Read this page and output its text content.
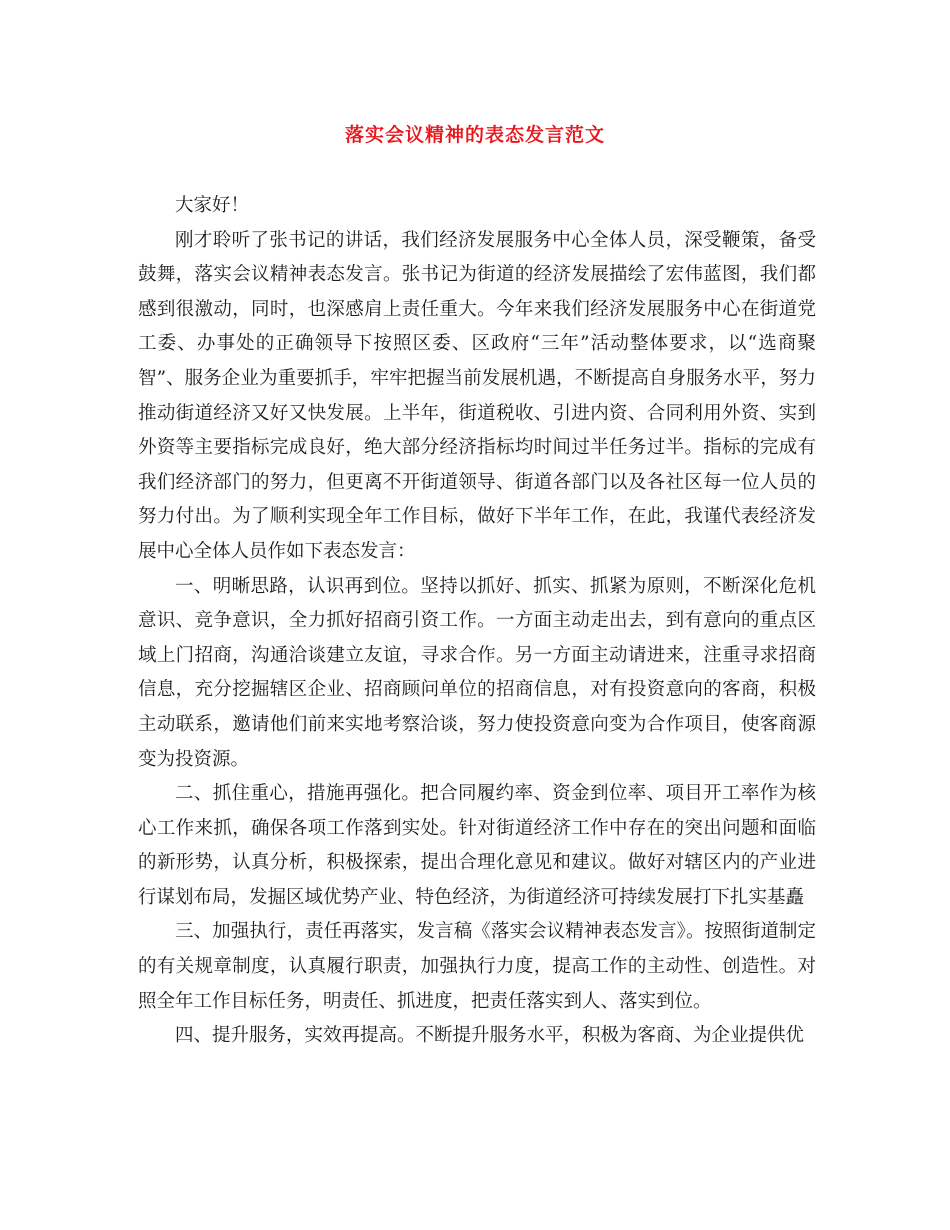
落实会议精神的表态发言范文

大家好！

刚才聆听了张书记的讲话，我们经济发展服务中心全体人员，深受鞭策，备受鼓舞，落实会议精神表态发言。张书记为街道的经济发展描绘了宏伟蓝图，我们都感到很激动，同时，也深感肩上责任重大。今年来我们经济发展服务中心在街道党工委、办事处的正确领导下按照区委、区政府“三年”活动整体要求，以“选商聚智”、服务企业为重要抓手，牢牢把握当前发展机遇，不断提高自身服务水平，努力推动街道经济又好又快发展。上半年，街道税收、引进内资、合同利用外资、实到外资等主要指标完成良好，绝大部分经济指标均时间过半任务过半。指标的完成有我们经济部门的努力，但更离不开街道领导、街道各部门以及各社区每一位人员的努力付出。为了顺利实现全年工作目标，做好下半年工作，在此，我谨代表经济发展中心全体人员作如下表态发言：

一、明晰思路，认识再到位。坚持以抓好、抓实、抓紧为原则，不断深化危机意识、竞争意识，全力抓好招商引资工作。一方面主动走出去，到有意向的重点区域上门招商，沟通洽谈建立友谊，寻求合作。另一方面主动请进来，注重寻求招商信息，充分挖掘辖区企业、招商顾问单位的招商信息，对有投资意向的客商，积极主动联系，邀请他们前来实地考察洽谈，努力使投资意向变为合作项目，使客商源变为投资源。

二、抓住重心，措施再强化。把合同履约率、资金到位率、项目开工率作为核心工作来抓，确保各项工作落到实处。针对街道经济工作中存在的突出问题和面临的新形势，认真分析，积极探索，提出合理化意见和建议。做好对辖区内的产业进行谋划布局，发掘区域优势产业、特色经济，为街道经济可持续发展打下扎实基矗

三、加强执行，责任再落实，发言稿《落实会议精神表态发言》。按照街道制定的有关规章制度，认真履行职责，加强执行力度，提高工作的主动性、创造性。对照全年工作目标任务，明责任、抓进度，把责任落实到人、落实到位。

四、提升服务，实效再提高。不断提升服务水平，积极为客商、为企业提供优
